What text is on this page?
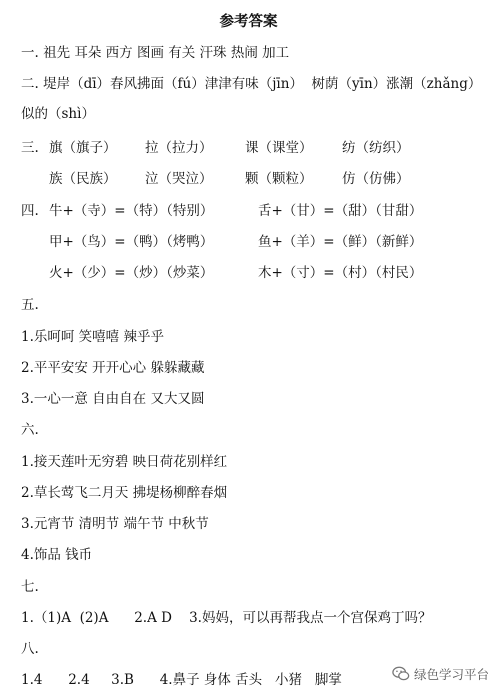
参考答案
一. 祖先 耳朵 西方 图画 有关 汗珠 热闹 加工
二. 堤岸（dī）春风拂面（fú）津津有味（jīn）  树荫（yīn）涨潮（zhǎng）
似的（shì）
三. 旗（旗子） 拉（拉力） 课（课堂） 纺（纺织）
族（民族） 泣（哭泣） 颗（颗粒） 仿（仿佛）
四. 牛+（寺）=（特）（特别）
甲+（鸟）=（鸭）（烤鸭）
火+（少）=（炒）（炒菜）
舌+（甘）=（甜）（甘甜）
鱼+（羊）=（鲜）（新鲜）
木+（寸）=（村）（村民）
五.
1.乐呵呵 笑嘻嘻 辣乎乎
2.平平安安 开开心心 躲躲藏藏
3.一心一意 自由自在 又大又圆
六.
1.接天莲叶无穷碧 映日荷花别样红
2.草长莺飞二月天 拂堤杨柳醉春烟
3.元宵节 清明节 端午节 中秋节
4.饰品 钱币
七.
1.（1)A  (2)A      2.A D    3.妈妈，可以再帮我点一个宫保鸡丁吗？
八.
1.4      2.4     3.B      4.鼻子 身体 舌头   小猪   脚掌	绿色学习平台
